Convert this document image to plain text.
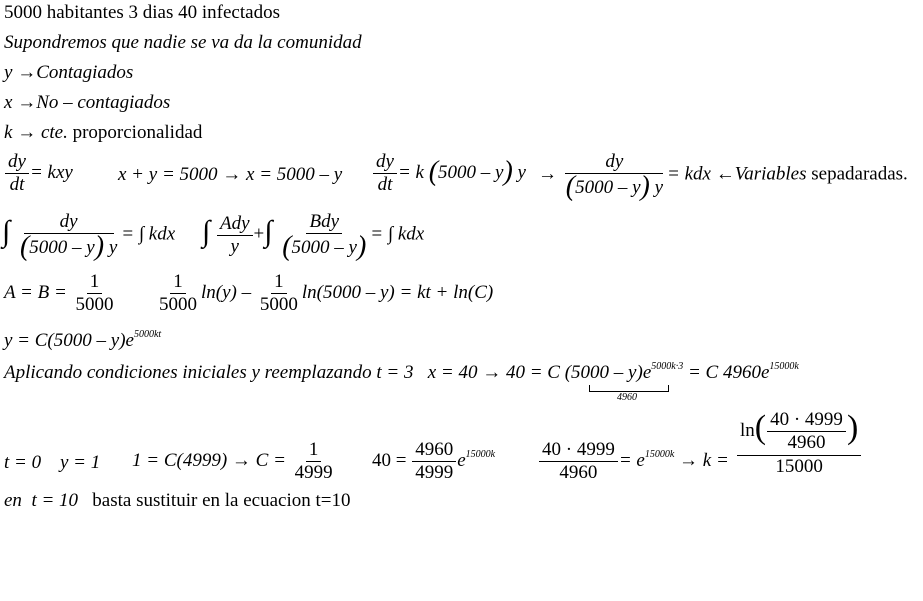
5000 habitantes 3 dias 40 infectados
Supondremos que nadie se va da la comunidad
y →Contagiados
x →No – contagiados
k → cte. proporcionalidad
$\frac{dy}{dt}$ = kxy x + y = 5000 → x = 5000 – y $\frac{dy}{dt} = k$ (5000 – y) $y \to \frac{dy}{(5000 - y) y}$ = kdx ←Variables sepadaradas.
∫ $\frac{dy}{(5000 - y) y}$ = ∫ kdx ∫ $\frac{\text{Ady}}{y}$ +∫ $\frac{\text{Bdy}}{(5000 - y)}$ = ∫ kdx
$A = B = \frac{1}{5000}$
$\frac{1}{5000} \ln(y) - \frac{1}{5000} \ln(5000 - y)$ = kt + ln(C)
$y = C(5000 - y)e^{5000kt}$
Aplicando condiciones iniciales y reemplazando t = 3 x = 40 → 40 = C $(5000 - y)e^{5000k\cdot 3} = C$ $4960e^{15000k}$
4960
t = 0 y = 1 $1 = C(4999) \to C = \frac{1}{4999} 40 = \frac{4960}{4999} e^{15000k} \frac{40 \cdot 4999}{4960} = e^{15000k} \to k = \frac{\ln( \frac{40 \cdot 4999}{4960} )}{15000}$
en t = 10 basta sustituir en la ecuacion t=10
